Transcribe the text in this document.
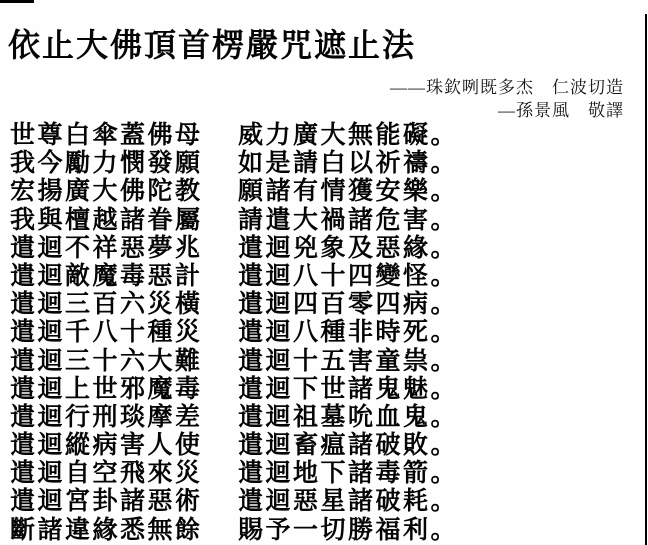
依止大佛頂首楞嚴咒遮止法
——珠欽咧既多杰　仁波切造
—孫景風　敬譯
世尊白傘蓋佛母	威力廣大無能礙。
我今勵力憫發願	如是請白以祈禱。
宏揚廣大佛陀教	願諸有情獲安樂。
我與檀越諸眷屬	請遣大禍諸危害。
遣迴不祥惡夢兆	遣迴兇象及惡緣。
遣迴敵魔毒惡計	遣迴八十四變怪。
遣迴三百六災橫	遣迴四百零四病。
遣迴千八十種災	遣迴八種非時死。
遣迴三十六大難	遣迴十五害童祟。
遣迴上世邪魔毒	遣迴下世諸鬼魅。
遣迴行刑琰摩差	遣迴祖墓吮血鬼。
遣迴縱病害人使	遣迴畜瘟諸破敗。
遣迴自空飛來災	遣迴地下諸毒箭。
遣迴宮卦諸惡術	遣迴惡星諸破耗。
斷諸違緣悉無餘	賜予一切勝福利。
